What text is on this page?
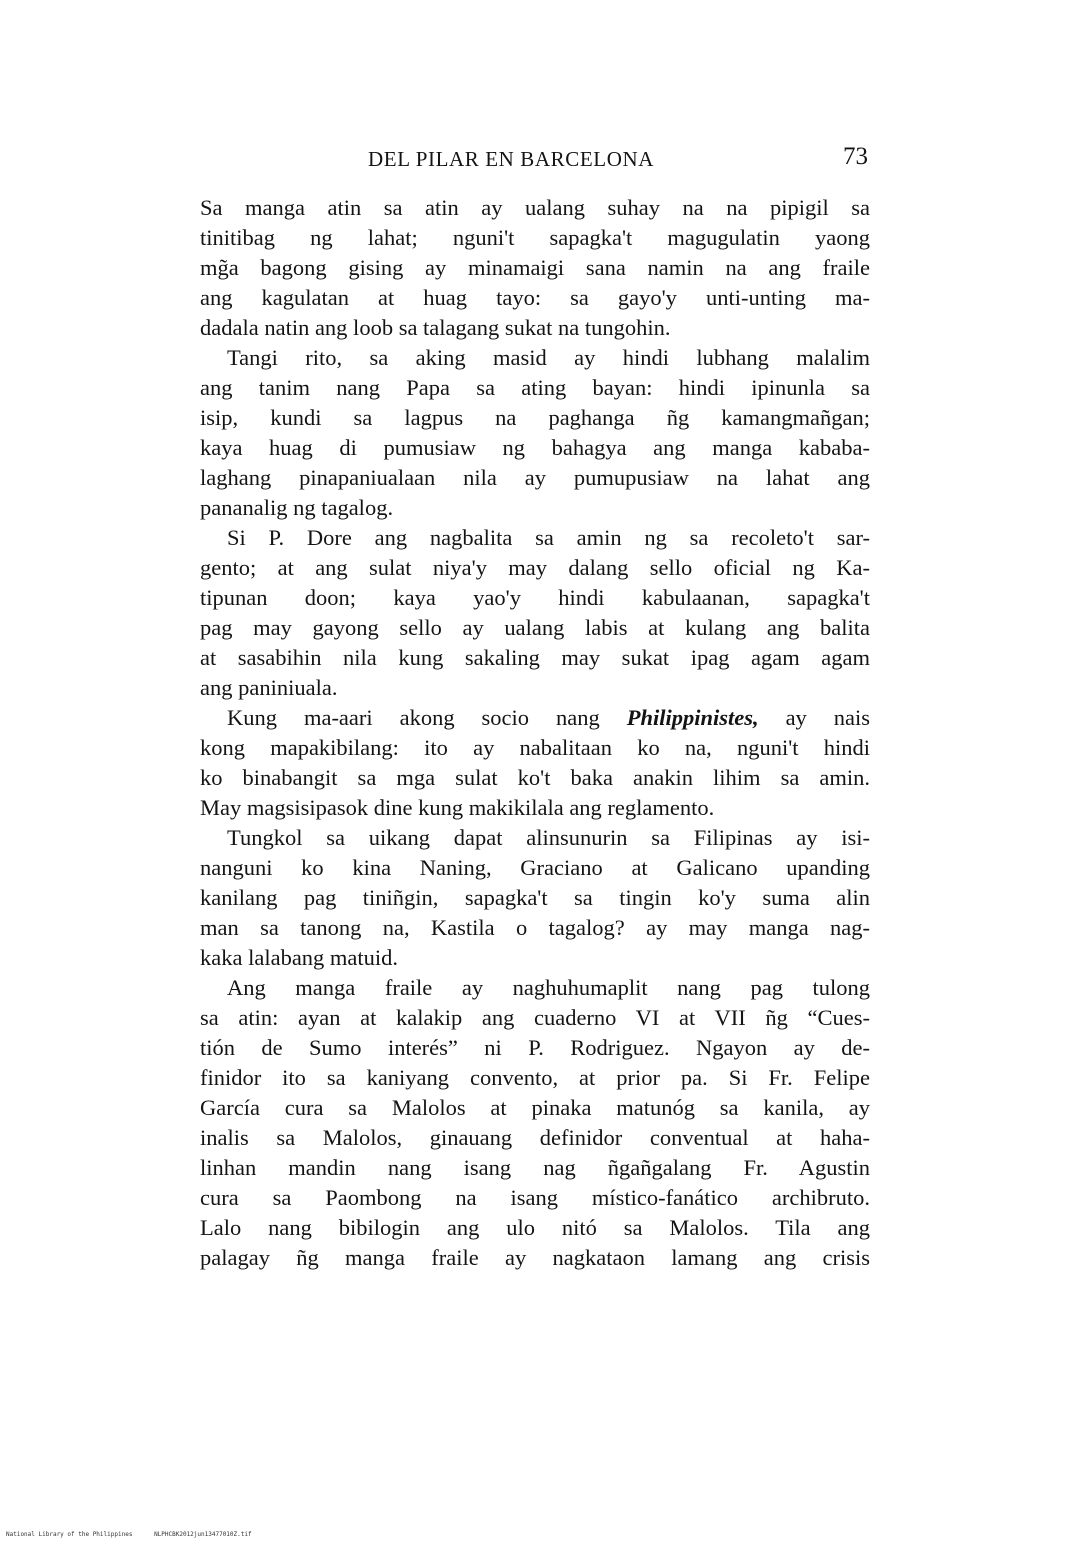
DEL PILAR EN BARCELONA	73
Sa manga atin sa atin ay ualang suhay na na pipigil sa
tinitibag ng lahat; nguni't sapagka't magugulatin yaong
mg̃a bagong gising ay minamaigi sana namin na ang fraile
ang kagulatan at huag tayo: sa gayo'y unti-unting ma-
dadala natin ang loob sa talagang sukat na tungohin.
Tangi rito, sa aking masid ay hindi lubhang malalim
ang tanim nang Papa sa ating bayan: hindi ipinunla sa
isip, kundi sa lagpus na paghanga ñg kamangmañgan;
kaya huag di pumusiaw ng bahagya ang manga kababa-
laghang pinapaniualaan nila ay pumupusiaw na lahat ang
pananalig ng tagalog.
Si P. Dore ang nagbalita sa amin ng sa recoleto't sar-
gento; at ang sulat niya'y may dalang sello oficial ng Ka-
tipunan doon; kaya yao'y hindi kabulaanan, sapagka't
pag may gayong sello ay ualang labis at kulang ang balita
at sasabihin nila kung sakaling may sukat ipag agam agam
ang paniniuala.
Kung ma-aari akong socio nang Philippinistes, ay nais
kong mapakibilang: ito ay nabalitaan ko na, nguni't hindi
ko binabangit sa mga sulat ko't baka anakin lihim sa amin.
May magsisipasok dine kung makikilala ang reglamento.
Tungkol sa uikang dapat alinsunurin sa Filipinas ay isi-
nanguni ko kina Naning, Graciano at Galicano upanding
kanilang pag tiniñgin, sapagka't sa tingin ko'y suma alin
man sa tanong na, Kastila o tagalog? ay may manga nag-
kaka lalabang matuid.
Ang manga fraile ay naghuhumaplit nang pag tulong
sa atin: ayan at kalakip ang cuaderno VI at VII ñg “Cues-
tión de Sumo interés” ni P. Rodriguez. Ngayon ay de-
finidor ito sa kaniyang convento, at prior pa. Si Fr. Felipe
García cura sa Malolos at pinaka matunóg sa kanila, ay
inalis sa Malolos, ginauang definidor conventual at haha-
linhan mandin nang isang nag ñgañgalang Fr. Agustin
cura sa Paombong na isang místico-fanático archibruto.
Lalo nang bibilogin ang ulo nitó sa Malolos. Tila ang
palagay ñg manga fraile ay nagkataon lamang ang crisis
National Library of the Philippines	NLPHCBK2012jun13477010Z.tif
